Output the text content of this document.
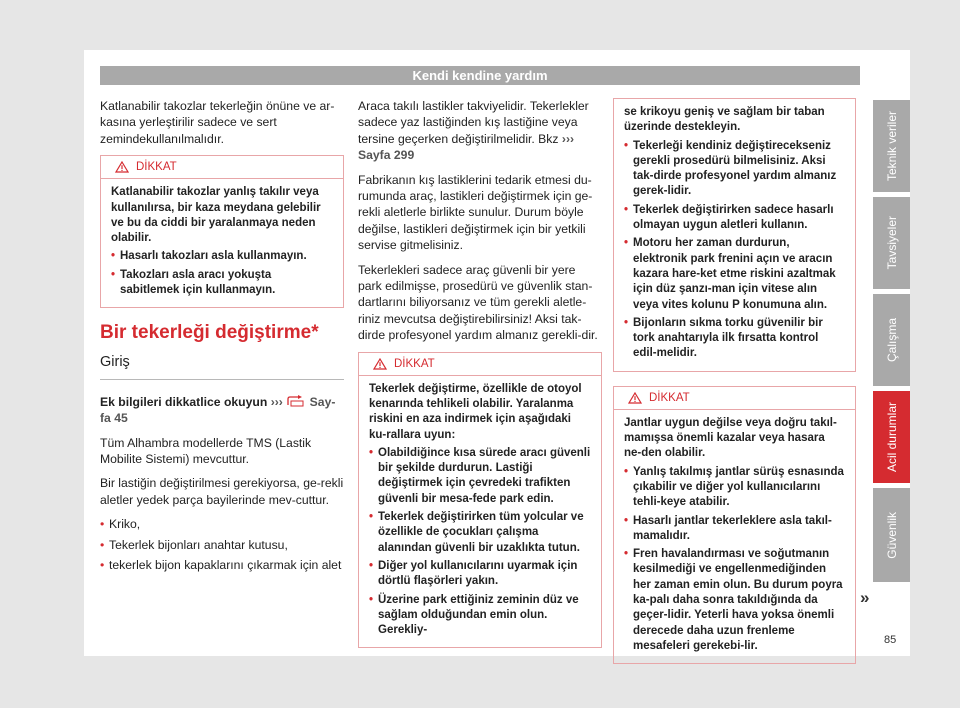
Kendi kendine yardım

Katlanabilir takozlar tekerleğin önüne ve ar-kasına yerleştirilir sadece ve sert zemindekullanılmalıdır.

DİKKAT

Katlanabilir takozlar yanlış takılır veya kullanılırsa, bir kaza meydana gelebilir ve bu da ciddi bir yaralanmaya neden olabilir.

• Hasarlı takozları asla kullanmayın.
• Takozları asla aracı yokuşta sabitlemek için kullanmayın.
Bir tekerleği değiştirme*
Giriş

Ek bilgileri dikkatlice okuyun ››› Say-fa 45

Tüm Alhambra modellerde TMS (Lastik Mobilite Sistemi) mevcuttur.

Bir lastiğin değiştirilmesi gerekiyorsa, ge-rekli aletler yedek parça bayilerinde mev-cuttur.

• Kriko,
• Tekerlek bijonları anahtar kutusu,
• tekerlek bijon kapaklarını çıkarmak için alet

Araca takılı lastikler takviyelidir. Tekerlekler sadece yaz lastiğinden kış lastiğine veya tersine geçerken değiştirilmelidir. Bkz ››› Sayfa 299

Fabrikanın kış lastiklerini tedarik etmesi du-rumunda araç, lastikleri değiştirmek için ge-rekli aletlerle birlikte sunulur. Durum böyle değilse, lastikleri değiştirmek için bir yetkili servise gitmelisiniz.

Tekerlekleri sadece araç güvenli bir yere park edilmişse, prosedürü ve güvenlik stan-dartlarını biliyorsanız ve tüm gerekli aletle-riniz mevcutsa değiştirebilirsiniz! Aksi tak-dirde profesyonel yardım almanız gerekli-dir.

DİKKAT

Tekerlek değiştirme, özellikle de otoyol kenarında tehlikeli olabilir. Yaralanma riskini en aza indirmek için aşağıdaki ku-rallara uyun:

• Olabildiğince kısa sürede aracı güvenli bir şekilde durdurun. Lastiği değiştirmek için çevredeki trafikten güvenli bir mesa-fede park edin.
• Tekerlek değiştirirken tüm yolcular ve özellikle de çocukları çalışma alanından güvenli bir uzaklıkta tutun.
• Diğer yol kullanıcılarını uyarmak için dörtlü flaşörleri yakın.
• Üzerine park ettiğiniz zeminin düz ve sağlam olduğundan emin olun. Gerekliy-

se krikoyu geniş ve sağlam bir taban üzerinde destekleyin.

• Tekerleği kendiniz değiştirecekseniz gerekli prosedürü bilmelisiniz. Aksi tak-dirde profesyonel yardım almanız gerek-lidir.
• Tekerlek değiştirirken sadece hasarlı olmayan uygun aletleri kullanın.
• Motoru her zaman durdurun, elektronik park frenini açın ve aracın kazara hare-ket etme riskini azaltmak için düz şanzı-man için vitese alın veya vites kolunu P konumuna alın.
• Bijonların sıkma torku güvenilir bir tork anahtarıyla ilk fırsatta kontrol edil-melidir.
DİKKAT

Jantlar uygun değilse veya doğru takıl-mamışsa önemli kazalar veya hasara ne-den olabilir.

• Yanlış takılmış jantlar sürüş esnasında çıkabilir ve diğer yol kullanıcılarını tehli-keye atabilir.
• Hasarlı jantlar tekerleklere asla takıl-mamalıdır.
• Fren havalandırması ve soğutmanın kesilmediği ve engellenmediğinden her zaman emin olun. Bu durum poyra ka-palı daha sonra takıldığında da geçer-lidir. Yeterli hava yoksa önemli derecede daha uzun frenleme mesafeleri gerekebi-lir.
»
Teknik veriler
Tavsiyeler
Çalışma
Acil durumlar
Güvenlik
85
